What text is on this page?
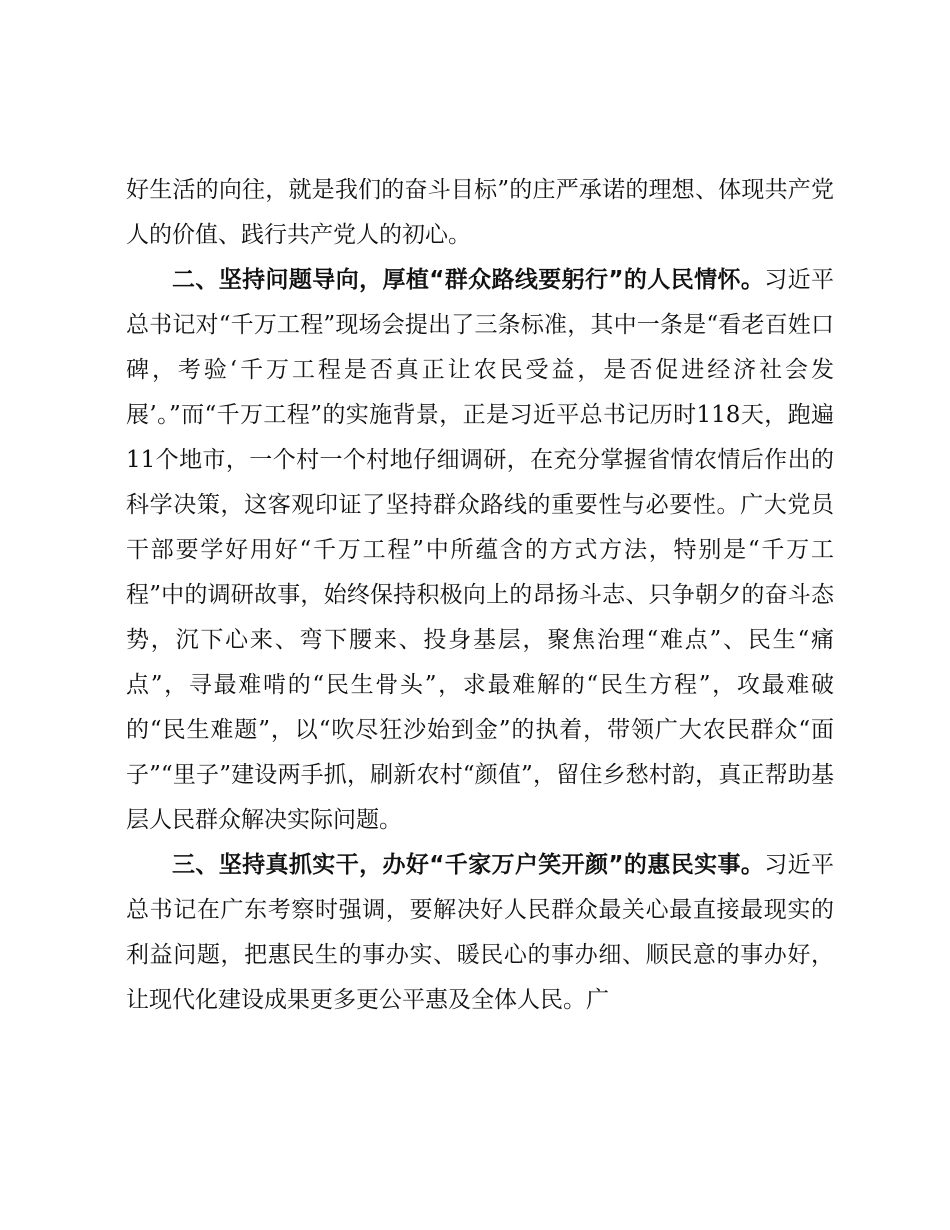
好生活的向往，就是我们的奋斗目标”的庄严承诺的理想、体现共产党人的价值、践行共产党人的初心。

二、坚持问题导向，厚植“群众路线要躬行”的人民情怀。习近平总书记对“千万工程”现场会提出了三条标准，其中一条是“看老百姓口碑，考验‘千万工程是否真正让农民受益，是否促进经济社会发展’。”而“千万工程”的实施背景，正是习近平总书记历时118天，跑遍11个地市，一个村一个村地仔细调研，在充分掌握省情农情后作出的科学决策，这客观印证了坚持群众路线的重要性与必要性。广大党员干部要学好用好“千万工程”中所蕴含的方式方法，特别是“千万工程”中的调研故事，始终保持积极向上的昂扬斗志、只争朝夕的奋斗态势，沉下心来、弯下腰来、投身基层，聚焦治理“难点”、民生“痛点”，寻最难啃的“民生骨头”，求最难解的“民生方程”，攻最难破的“民生难题”，以“吹尽狂沙始到金”的执着，带领广大农民群众“面子”“里子”建设两手抓，刷新农村“颜值”，留住乡愁村韵，真正帮助基层人民群众解决实际问题。

三、坚持真抓实干，办好“千家万户笑开颜”的惠民实事。习近平总书记在广东考察时强调，要解决好人民群众最关心最直接最现实的利益问题，把惠民生的事办实、暖民心的事办细、顺民意的事办好，让现代化建设成果更多更公平惠及全体人民。广
